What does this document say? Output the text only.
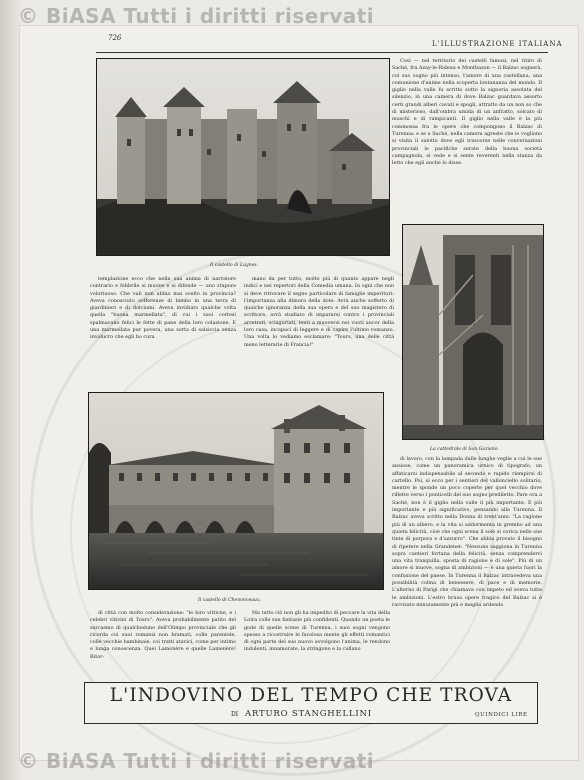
© BiASA Tutti i diritti riservati
726
L'ILLUSTRAZIONE ITALIANA
Il castello di Luynes.
La cattedrale di San Gaziano.
Il castello di Chenonceaux.

Così — nel territorio dei castelli famosi, nel ritiro di Saché, fra Azay-le-Rideau e Montbazon — il Balzac sognerà, col suo sogno più intenso, l'amore di una castellana, una comunione d'anime nella scoperta lontananza del mondo. Il giglio nella valle fu scritto sotto la signoria assoluta del silenzio, in una camera di dove Balzac guardava assorto certi grandi alberi cavati e spogli, attratto da un non so che di misterioso, dall'ombra umida di un anfratto, solcato di muschi e di rampicanti. Il giglio nella valle è la più commossa fra le opere che compongono il Balzac di Turenna: e se a Saché, nella camera agreste che io vogliono si visita il salotto dove egli trascorse nelle conversazioni provinciali le pacifiche serate della buona società campagnola, si vede e si sente reverenti nella stanza da letto che egli anche lo disse.

templazione ecco che nella sua anima di narratore contrario e febbrile si muove e si difende — uno stupore voluttuoso. Che vali non abbia mai scelto in provincia? Aveva conosciuto sofferenze di bimbo in una terra di giardinieri e di dolciumi. Aveva invidiato qualche volta quella "buona marmellata", di cui i suoi cortesi spalmavano felici le fette di pane della loro colazione. E una marmellata pur povera, una sorta di salsiccia senza involucro che egli ho cura

mano da per tutto, molto più di quanto appare negli indici e nei repertori della Comedia umana. In ogni che non si deve ritrovare il segno particolare di famiglie imperituri: l'importanza alla dimora della dote. Avrà anche sofferto di qualche ignoranza della sua opera e del suo magistero di scrittore, avrà studiato di impararsi contro i provinciali arretrati, sciaguriati, lenti a muoversi nei vuoti ancor della loro casa, incapaci di leggere e di capire l'ultimo romanzo. Una volta lo vediamo esclamare: "Tours, una delle città meno letterarie di Francia!"

di lavoro, con la lampada dalle lunghe veglie a cui le sue ansiose, come un panoramica urnico di tipografo, un affaticarsi indispensabile al secondo e rapido riempirsi di cartello. Poi, si ecco per i sentieri del vallonciello solitario, mentre le sponde un poco coperte per quel vecchio dove riflette verso i ponticelli del suo sogno prediletto. Pare ora a Saché, non è il giglio nella valle il più importante. È più importante e più significativo, pensando alla Turenna. Il Balzac aveva scritto nella Donna di trent'anni: "La ragione più di un albero, e la vita si addormenta in grembo ad una quieta felicità, cioè che ogni scena il sole si corica nelle sue tinte di porpora e d'azzurro". Che abbia provato il bisogno di ripetere nella Grandenet: "Nessuno saggiona in Turenna sopra cantieri fortuna della felicità, senza comprendervi una vita tranquilla, sposta di ragione e di sole". Più di un amore si muove, sogna di ambizioni — è una quieta fuori la confusione del paese. In Turenna il Balzac intravedeva una possibilità colma di benessere, di pace e di memorie. L'alterno di Parigi che chiamava con impeto ed aveva tutte le ambizioni. L'estro brusa opere tragico del Balzac si è ravvisato minutamente più e meglio ardendo

di città con molto considerazione: "le loro vitticne, e i celebri vitivini di Tours". Aveva probabilmente patito del sarcasmo di qualcheduno dell'Olimpo provinciale che gli ricorda coi suoi romanzi non bramati, colle parentele, colle vecchie bambinaie, coi tratti atavici, come per intimo e lunga conoscenza. Quei Lamonère e quelle Lamenère! Ritor-

Ma tutto ciò non gli ha impedito di peccare la vita della Loira colle sue fantasie più confidenti. Quando un poeta le gode di quelle scene di Turenna, i suoi sogni vengono spesso a ricostruire le favolosa mente gli effetti romantici di ogni parte del suo nuovo avvolgono l'anima, le rendono indulenti, innamorate, la stringono e la cullano

L'INDOVINO DEL TEMPO CHE TROVA
DI ARTURO STANGHELLINI	QUINDICI LIRE
© BiASA Tutti i diritti riservati
